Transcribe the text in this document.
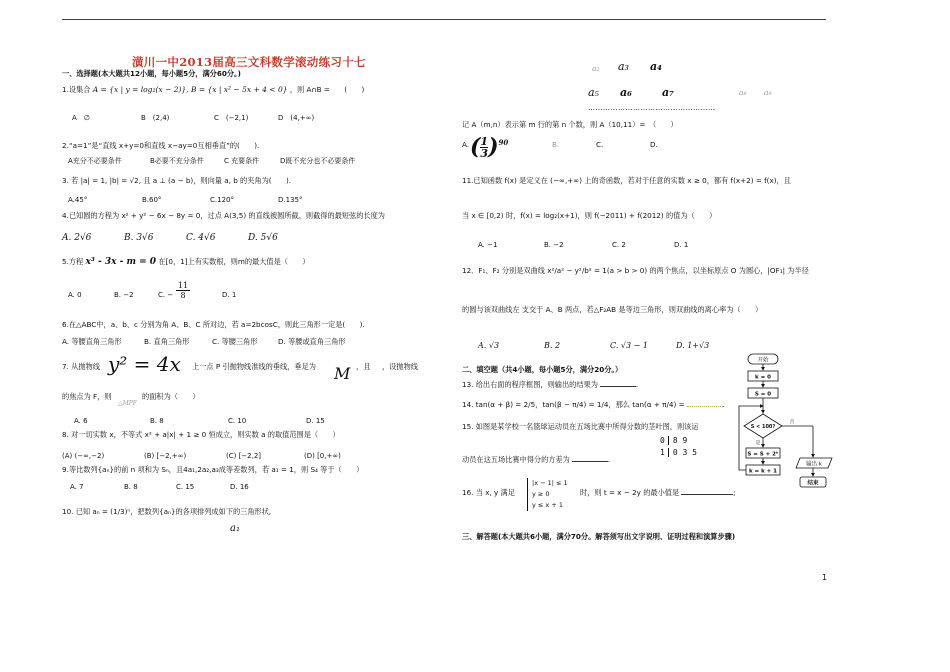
潢川一中2013届高三文科数学滚动练习十七
一、选择题(本大题共12小题，每小题5分，满分60分。)
1.设集合 A = {x | y = log₂(x − 2)}, B = {x | x² − 5x + 4 < 0} ，则 A∩B =　　(　　)
A　∅	B　(2,4)	C　(−2,1)	D　(4,+∞)
2.“a=1”是“直线 x+y=0和直线 x−ay=0互相垂直”的(　　).
A充分不必要条件	B必要不充分条件	C 充要条件	D既不充分也不必要条件
3. 若 |a| = 1, |b| = √2, 且 a ⊥ (a − b)，则向量 a, b 的夹角为(　　).
A.45°	B.60°	C.120°	D.135°
4.已知圆的方程为 x² + y² − 6x − 8y = 0，过点 A(3,5) 的直线被圆所截，则截得的最短弦的长度为
A. 2√6	B. 3√6	C. 4√6	D. 5√6
5.方程 x³ - 3x - m = 0 在[0，1]上有实数根，则m的最大值是（　　）
A. 0	B. −2	C. − $\frac{11}{8}$	D. 1
6.在△ABC中，a、b、c 分别为角 A、B、C 所对边，若 a=2bcosC，则此三角形一定是(　　).
A. 等腰直角三角形	B. 直角三角形	C. 等腰三角形	D. 等腰或直角三角形
7. 从抛物线 y² = 4x 上一点 P 引抛物线准线的垂线，垂足为 M ，且 ，设抛物线
的焦点为 F，则
△MPF
的面积为（　　）
A. 6	B. 8	C. 10	D. 15
8. 对一切实数 x，不等式 x² + a|x| + 1 ≥ 0 恒成立，则实数 a 的取值范围是（　　）
(A) (−∞,−2)	(B) [−2,+∞)	(C) [−2,2]	(D) [0,+∞)
9.等比数列{aₙ}的前 n 项和为 Sₙ，且4a₁,2a₂,a₃成等差数列，若 a₁ = 1，则 S₄ 等于（　　）
A. 7	B. 8	C. 15	D. 16
10. 已知 aₙ = (1/3)ⁿ，把数列{aₙ}的各项排列成如下的三角形状,
a₁
a₂ a₃ a₄
a₅ a₆	a₇	a₈ a₉
……………………………………………
记 A（m,n）表示第 m 行的第 n 个数，则 A（10,11）=　（　　）
A. ( $\frac{1}{3} )^{90}$	B.	C.	D.
11.已知函数 f(x) 是定义在 (−∞,+∞) 上的奇函数，若对于任意的实数 x ≥ 0，都有 f(x+2) = f(x)，且
当 x ∈ [0,2) 时，f(x) = log₂(x+1)，则 f(−2011) + f(2012) 的值为（　　）
A. −1	B. −2	C. 2	D. 1
12．F₁、F₂ 分别是双曲线 x²/a² − y²/b² = 1(a > b > 0) 的两个焦点，以坐标原点 O 为圆心，|OF₁| 为半径
的圆与该双曲线左 支交于 A、B 两点，若△F₂AB 是等边三角形，则双曲线的离心率为（　　）
A. √3	B. 2	C. √3 − 1	D. 1+√3
二、填空题（共4小题，每小题5分，满分20分。）
13. 给出右面的程序框图，则输出的结果为	.
14. tan(α + β) = 2/5，tan(β − π/4) = 1/4，那么 tan(α + π/4) =	.
15. 如图是某学校一名篮球运动员在五场比赛中所得分数的茎叶图，则该运
0 8 9
1 0 3 5
动员在这五场比赛中得分的方差为	.
16. 当 x, y 满足
|x − 1| ≤ 1
y ≥ 0
y ≤ x + 1
时，则 t = x − 2y 的最小值是	;
三、解答题(本大题共6小题，满分70分。解答须写出文字说明、证明过程和演算步骤)
开始
k = 0
S = 0
S < 100?
否
是
S = S + 2ᵏ
k = k + 1
输出 k
结束
1
